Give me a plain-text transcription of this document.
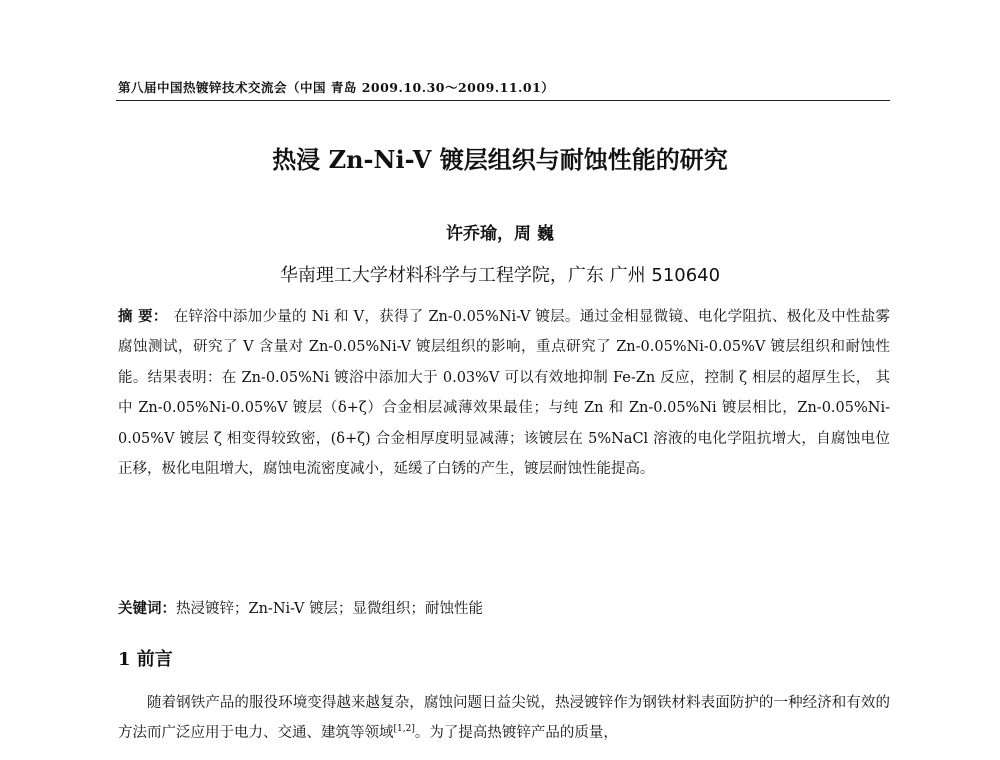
第八届中国热镀锌技术交流会（中国 青岛 2009.10.30～2009.11.01）
热浸 Zn-Ni-V 镀层组织与耐蚀性能的研究
许乔瑜，周 巍
华南理工大学材料科学与工程学院，广东 广州 510640
摘 要： 在锌浴中添加少量的 Ni 和 V，获得了 Zn-0.05%Ni-V 镀层。通过金相显微镜、电化学阻抗、极化及中性盐雾腐蚀测试，研究了 V 含量对 Zn-0.05%Ni-V 镀层组织的影响，重点研究了 Zn-0.05%Ni-0.05%V 镀层组织和耐蚀性能。结果表明：在 Zn-0.05%Ni 镀浴中添加大于 0.03%V 可以有效地抑制 Fe-Zn 反应，控制 ζ 相层的超厚生长， 其中 Zn-0.05%Ni-0.05%V 镀层（δ+ζ）合金相层减薄效果最佳；与纯 Zn 和 Zn-0.05%Ni 镀层相比，Zn-0.05%Ni-0.05%V 镀层 ζ 相变得较致密，(δ+ζ) 合金相厚度明显减薄；该镀层在 5%NaCl 溶液的电化学阻抗增大，自腐蚀电位正移，极化电阻增大，腐蚀电流密度减小，延缓了白锈的产生，镀层耐蚀性能提高。
关键词：热浸镀锌；Zn-Ni-V 镀层；显微组织；耐蚀性能
1 前言
随着钢铁产品的服役环境变得越来越复杂，腐蚀问题日益尖锐，热浸镀锌作为钢铁材料表面防护的一种经济和有效的方法而广泛应用于电力、交通、建筑等领域[1,2]。为了提高热镀锌产品的质量，
